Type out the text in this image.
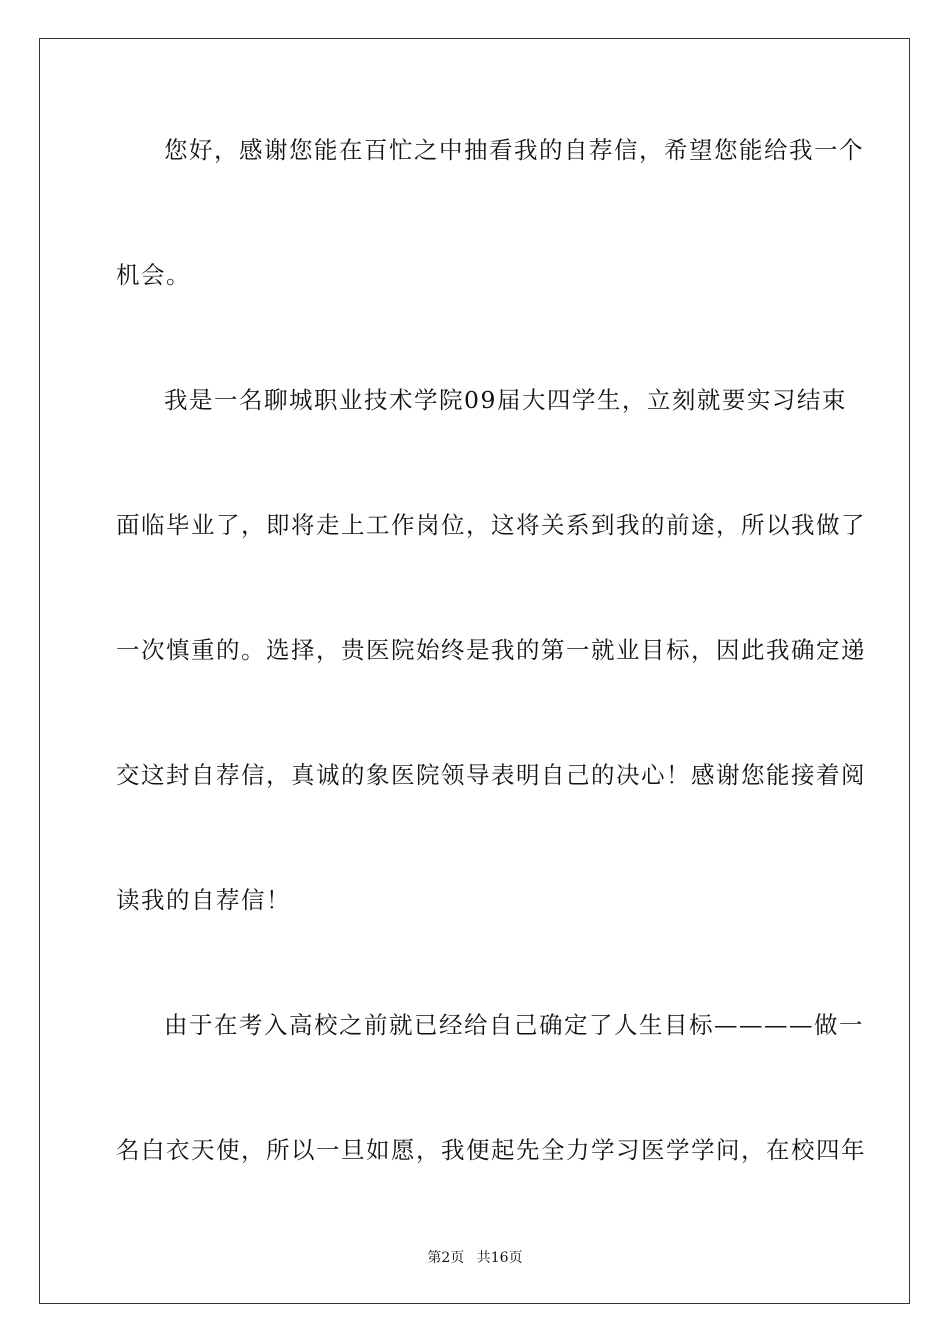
您好，感谢您能在百忙之中抽看我的自荐信，希望您能给我一个
机会。
我是一名聊城职业技术学院09届大四学生，立刻就要实习结束
面临毕业了，即将走上工作岗位，这将关系到我的前途，所以我做了
一次慎重的。选择，贵医院始终是我的第一就业目标，因此我确定递
交这封自荐信，真诚的象医院领导表明自己的决心！感谢您能接着阅
读我的自荐信！
由于在考入高校之前就已经给自己确定了人生目标————做一
名白衣天使，所以一旦如愿，我便起先全力学习医学学问，在校四年
第2页 共16页
